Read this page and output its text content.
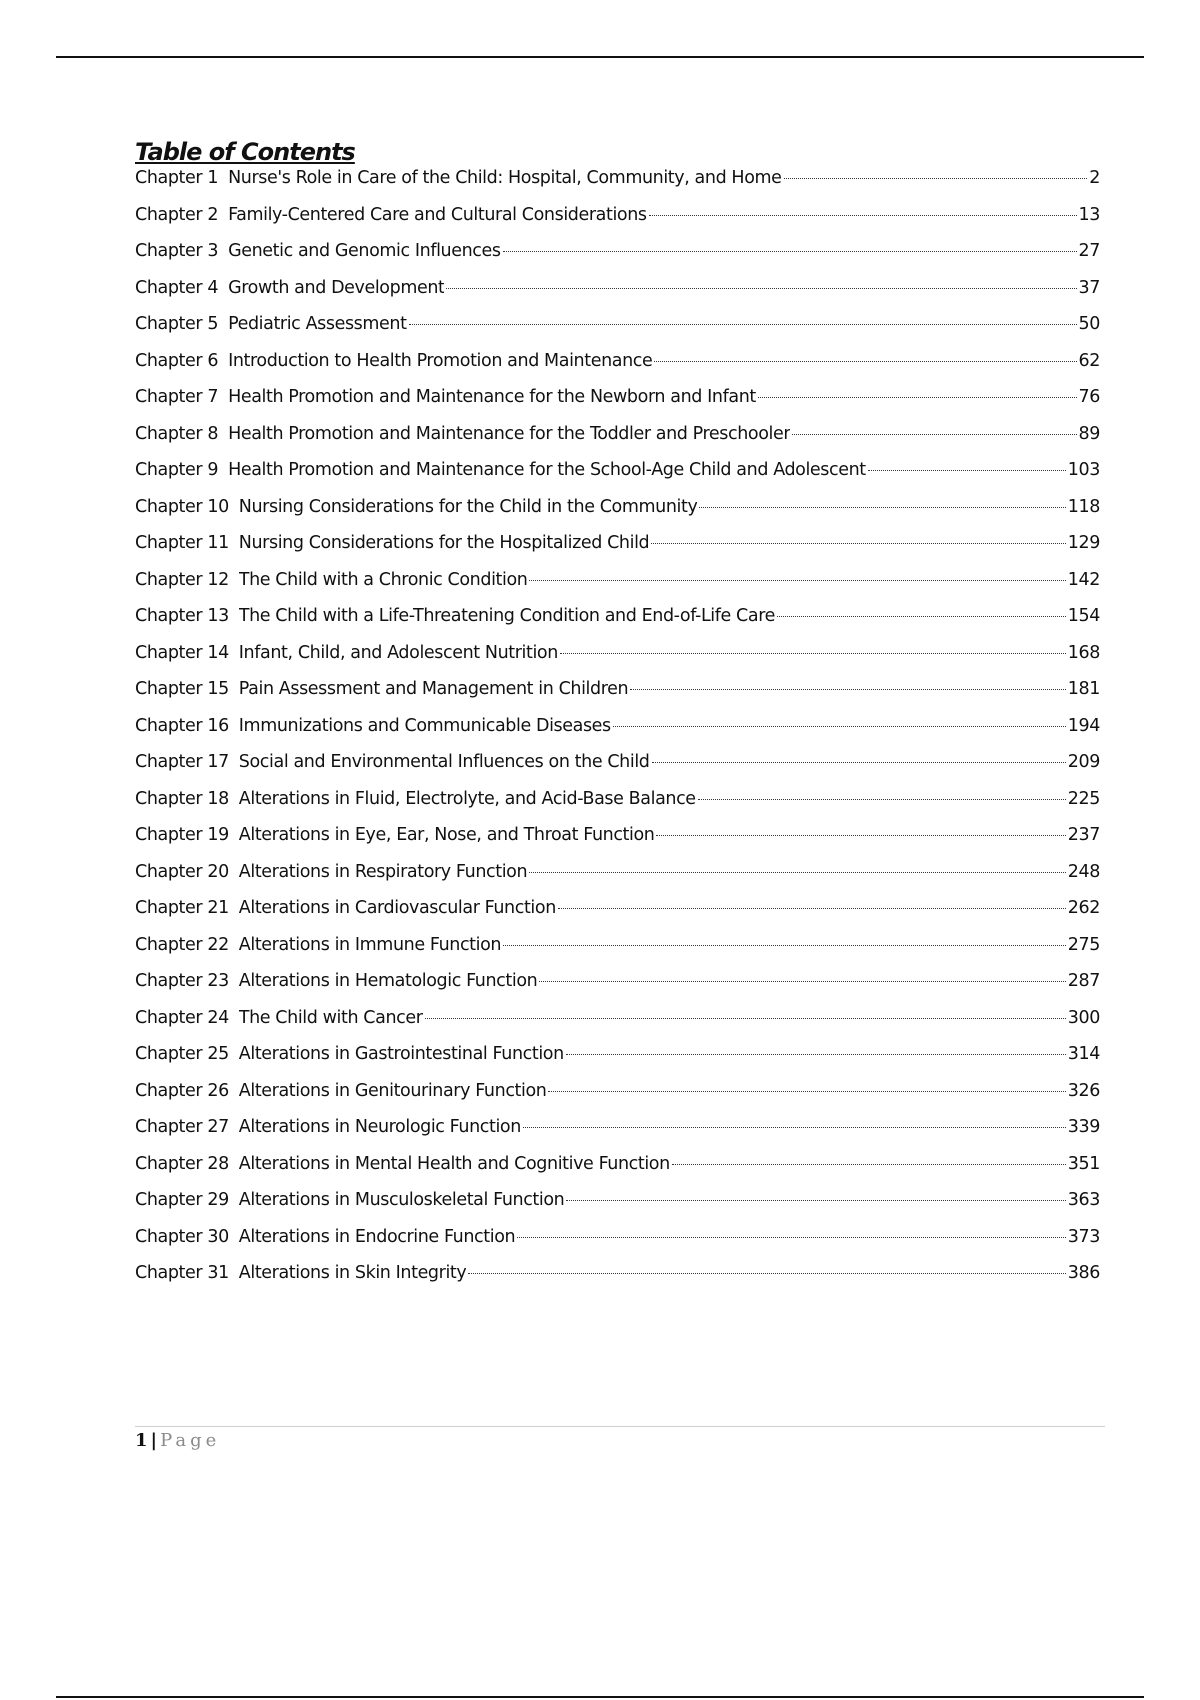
Table of Contents
Chapter 1 Nurse's Role in Care of the Child: Hospital, Community, and Home	2
Chapter 2 Family-Centered Care and Cultural Considerations	13
Chapter 3 Genetic and Genomic Influences	27
Chapter 4 Growth and Development	37
Chapter 5 Pediatric Assessment	50
Chapter 6 Introduction to Health Promotion and Maintenance	62
Chapter 7 Health Promotion and Maintenance for the Newborn and Infant	76
Chapter 8 Health Promotion and Maintenance for the Toddler and Preschooler	89
Chapter 9 Health Promotion and Maintenance for the School-Age Child and Adolescent	103
Chapter 10 Nursing Considerations for the Child in the Community	118
Chapter 11 Nursing Considerations for the Hospitalized Child	129
Chapter 12 The Child with a Chronic Condition	142
Chapter 13 The Child with a Life-Threatening Condition and End-of-Life Care	154
Chapter 14 Infant, Child, and Adolescent Nutrition	168
Chapter 15 Pain Assessment and Management in Children	181
Chapter 16 Immunizations and Communicable Diseases	194
Chapter 17 Social and Environmental Influences on the Child	209
Chapter 18 Alterations in Fluid, Electrolyte, and Acid-Base Balance	225
Chapter 19 Alterations in Eye, Ear, Nose, and Throat Function	237
Chapter 20 Alterations in Respiratory Function	248
Chapter 21 Alterations in Cardiovascular Function	262
Chapter 22 Alterations in Immune Function	275
Chapter 23 Alterations in Hematologic Function	287
Chapter 24 The Child with Cancer	300
Chapter 25 Alterations in Gastrointestinal Function	314
Chapter 26 Alterations in Genitourinary Function	326
Chapter 27 Alterations in Neurologic Function	339
Chapter 28 Alterations in Mental Health and Cognitive Function	351
Chapter 29 Alterations in Musculoskeletal Function	363
Chapter 30 Alterations in Endocrine Function	373
Chapter 31 Alterations in Skin Integrity	386
1 | Page
